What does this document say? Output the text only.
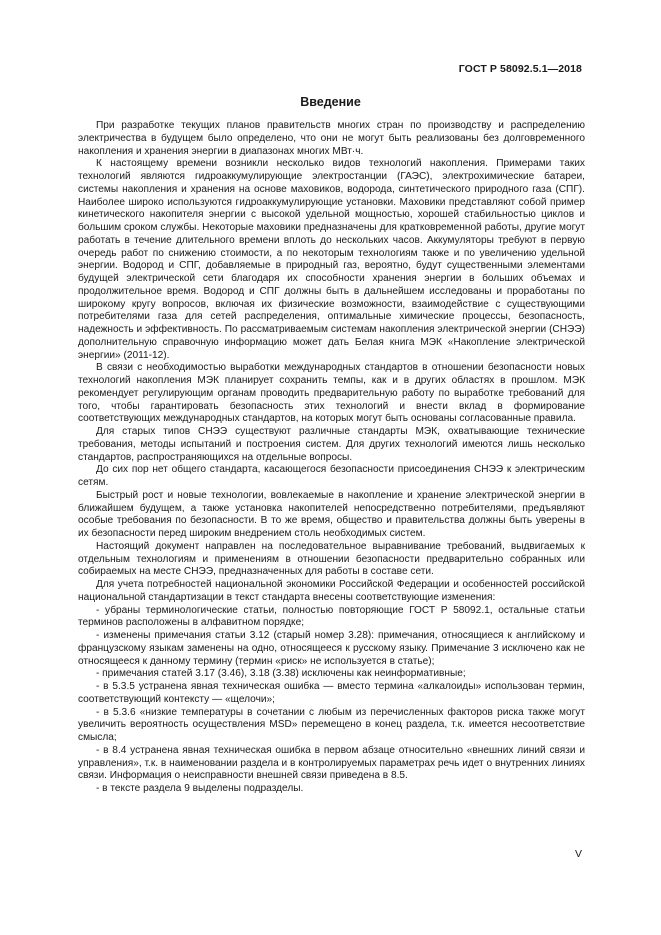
ГОСТ Р 58092.5.1—2018
Введение

При разработке текущих планов правительств многих стран по производству и распределению электричества в будущем было определено, что они не могут быть реализованы без долговременного накопления и хранения энергии в диапазонах многих МВт·ч.

К настоящему времени возникли несколько видов технологий накопления. Примерами таких технологий являются гидроаккумулирующие электростанции (ГАЭС), электрохимические батареи, системы накопления и хранения на основе маховиков, водорода, синтетического природного газа (СПГ). Наиболее широко используются гидроаккумулирующие установки. Маховики представляют собой пример кинетического накопителя энергии с высокой удельной мощностью, хорошей стабильностью циклов и большим сроком службы. Некоторые маховики предназначены для кратковременной работы, другие могут работать в течение длительного времени вплоть до нескольких часов. Аккумуляторы требуют в первую очередь работ по снижению стоимости, а по некоторым технологиям также и по увеличению удельной энергии. Водород и СПГ, добавляемые в природный газ, вероятно, будут существенными элементами будущей электрической сети благодаря их способности хранения энергии в больших объемах и продолжительное время. Водород и СПГ должны быть в дальнейшем исследованы и проработаны по широкому кругу вопросов, включая их физические возможности, взаимодействие с существующими потребителями газа для сетей распределения, оптимальные химические процессы, безопасность, надежность и эффективность. По рассматриваемым системам накопления электрической энергии (СНЭЭ) дополнительную справочную информацию может дать Белая книга МЭК «Накопление электрической энергии» (2011-12).

В связи с необходимостью выработки международных стандартов в отношении безопасности новых технологий накопления МЭК планирует сохранить темпы, как и в других областях в прошлом. МЭК рекомендует регулирующим органам проводить предварительную работу по выработке требований для того, чтобы гарантировать безопасность этих технологий и внести вклад в формирование соответствующих международных стандартов, на которых могут быть основаны согласованные правила.

Для старых типов СНЭЭ существуют различные стандарты МЭК, охватывающие технические требования, методы испытаний и построения систем. Для других технологий имеются лишь несколько стандартов, распространяющихся на отдельные вопросы.

До сих пор нет общего стандарта, касающегося безопасности присоединения СНЭЭ к электрическим сетям.

Быстрый рост и новые технологии, вовлекаемые в накопление и хранение электрической энергии в ближайшем будущем, а также установка накопителей непосредственно потребителями, предъявляют особые требования по безопасности. В то же время, общество и правительства должны быть уверены в их безопасности перед широким внедрением столь необходимых систем.

Настоящий документ направлен на последовательное выравнивание требований, выдвигаемых к отдельным технологиям и применениям в отношении безопасности предварительно собранных или собираемых на месте СНЭЭ, предназначенных для работы в составе сети.

Для учета потребностей национальной экономики Российской Федерации и особенностей российской национальной стандартизации в текст стандарта внесены соответствующие изменения:

- убраны терминологические статьи, полностью повторяющие ГОСТ Р 58092.1, остальные статьи терминов расположены в алфавитном порядке;

- изменены примечания статьи 3.12 (старый номер 3.28): примечания, относящиеся к английскому и французскому языкам заменены на одно, относящееся к русскому языку. Примечание 3 исключено как не относящееся к данному термину (термин «риск» не используется в статье);

- примечания статей 3.17 (3.46), 3.18 (3.38) исключены как неинформативные;

- в 5.3.5 устранена явная техническая ошибка — вместо термина «алкалоиды» использован термин, соответствующий контексту — «щелочи»;

- в 5.3.6 «низкие температуры в сочетании с любым из перечисленных факторов риска также могут увеличить вероятность осуществления MSD» перемещено в конец раздела, т.к. имеется несоответствие смысла;

- в 8.4 устранена явная техническая ошибка в первом абзаце относительно «внешних линий связи и управления», т.к. в наименовании раздела и в контролируемых параметрах речь идет о внутренних линиях связи. Информация о неисправности внешней связи приведена в 8.5.

- в тексте раздела 9 выделены подразделы.

V
